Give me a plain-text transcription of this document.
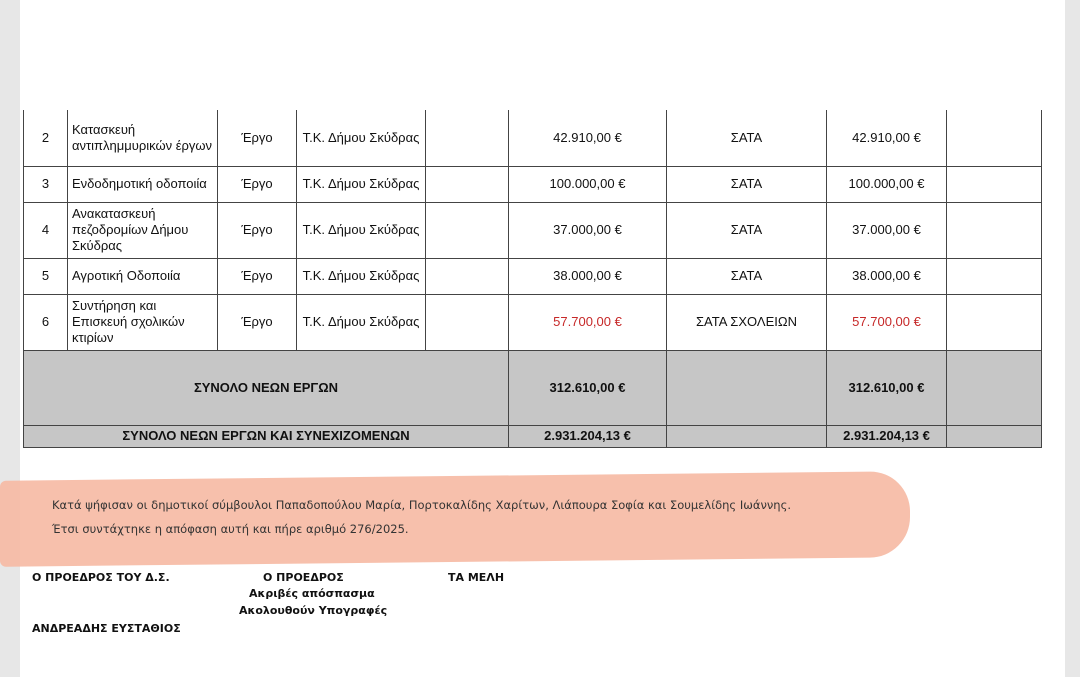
2	Κατασκευή αντιπλημμυρικών έργων	Έργο	Τ.Κ. Δήμου Σκύδρας		42.910,00 €	ΣΑΤΑ	42.910,00 €	
3	Ενδοδημοτική οδοποιία	Έργο	Τ.Κ. Δήμου Σκύδρας		100.000,00 €	ΣΑΤΑ	100.000,00 €	
4	Ανακατασκευή πεζοδρομίων Δήμου Σκύδρας	Έργο	Τ.Κ. Δήμου Σκύδρας		37.000,00 €	ΣΑΤΑ	37.000,00 €	
5	Αγροτική Οδοποιία	Έργο	Τ.Κ. Δήμου Σκύδρας		38.000,00 €	ΣΑΤΑ	38.000,00 €	
6	Συντήρηση και Επισκευή σχολικών κτιρίων	Έργο	Τ.Κ. Δήμου Σκύδρας		57.700,00 €	ΣΑΤΑ ΣΧΟΛΕΙΩΝ	57.700,00 €	
ΣΥΝΟΛΟ ΝΕΩΝ ΕΡΓΩΝ					312.610,00 €		312.610,00 €	
ΣΥΝΟΛΟ ΝΕΩΝ ΕΡΓΩΝ ΚΑΙ ΣΥΝΕΧΙΖΟΜΕΝΩΝ					2.931.204,13 €		2.931.204,13 €	
Κατά ψήφισαν οι δημοτικοί σύμβουλοι Παπαδοπούλου Μαρία, Πορτοκαλίδης Χαρίτων, Λιάπουρα Σοφία και Σουμελίδης Ιωάννης.
Έτσι συντάχτηκε η απόφαση αυτή και πήρε αριθμό 276/2025.
Ο ΠΡΟΕΔΡΟΣ ΤΟΥ Δ.Σ.	Ο ΠΡΟΕΔΡΟΣ	ΤΑ ΜΕΛΗ
Ακριβές απόσπασμα
Ακολουθούν Υπογραφές
ΑΝΔΡΕΑΔΗΣ ΕΥΣΤΑΘΙΟΣ
